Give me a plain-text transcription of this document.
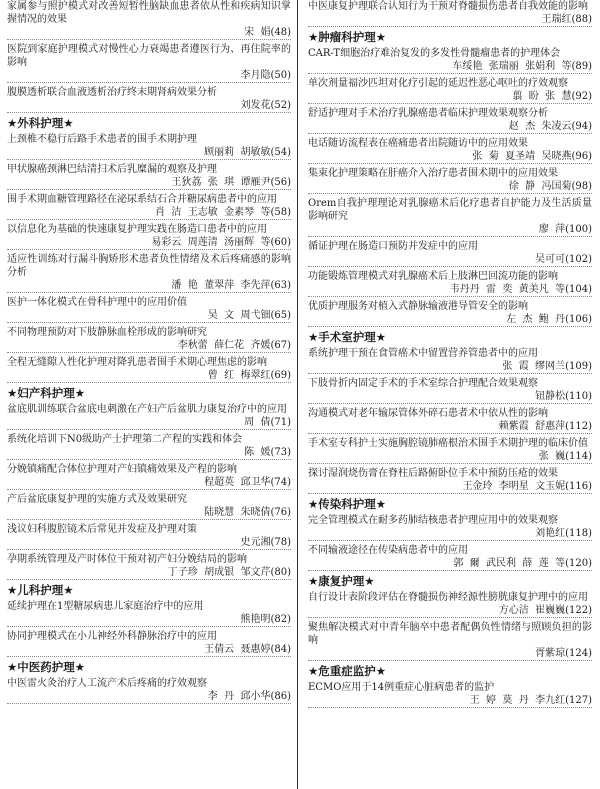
家属参与照护模式对改善短暂性脑缺血患者依从性和疾病知识掌握情况的效果
宋  娟(48)
医院到家庭护理模式对慢性心力衰竭患者遵医行为、再住院率的影响
李月隐(50)
腹膜透析联合血液透析治疗终末期肾病效果分析
刘发花(52)
★外科护理★
上颈椎不稳行后路手术患者的围手术期护理
顾丽莉  胡敏敏(54)
甲状腺癌颈淋巴结清扫术后乳糜漏的观察及护理
王狄荔  张  琪  谭雁尹(56)
围手术期血糖管理路径在泌尿系结石合并糖尿病患者中的应用
肖  洁  王志敏  金素琴  等(58)
以信息化为基础的快速康复护理实践在肠造口患者中的应用
易彩云  周莲清  汤丽辉  等(60)
适应性训练对行漏斗胸矫形术患者负性情绪及术后疼痛感的影响分析
潘  艳  董翠萍  李先萍(63)
医护一体化模式在骨科护理中的应用价值
吴  文  周弋钿(65)
不同物理预防对下肢静脉血栓形成的影响研究
李秋蕾  薛仁花  齐媛(67)
全程无缝隙人性化护理对降乳患者围手术期心理焦虑的影响
曾  红  梅翠红(69)
★妇产科护理★
盆底肌训练联合盆底电刺激在产妇产后盆肌力康复治疗中的应用
周  倩(71)
系统化培训下N0级助产士护理第二产程的实践和体会
陈  媛(73)
分娩镇痛配合体位护理对产妇镇痛效果及产程的影响
程超英  邱卫华(74)
产后盆底康复护理的实施方式及效果研究
陆晓慧  朱晓倩(76)
浅议妇科腹腔镜术后常见并发症及护理对策
史元湘(78)
孕期系统管理及产时体位干预对初产妇分娩结局的影响
丁子珍  胡成银  邹文芹(80)
★儿科护理★
延续护理在1型糖尿病患儿家庭治疗中的应用
熊艳明(82)
协同护理模式在小儿神经外科静脉治疗中的应用
王倩云  聂惠婷(84)
★中医药护理★
中医雷火灸治疗人工流产术后疼痛的疗效观察
李  丹  邱小华(86)
中医康复护理联合认知行为干预对脊髓损伤患者自我效能的影响
王瑞红(88)
★肿瘤科护理★
CAR-T细胞治疗难治复发的多发性骨髓瘤患者的护理体会
车绥艳  张瑞丽  张娟利  等(89)
单次剂量福沙匹坦对化疗引起的延迟性恶心呕吐的疗效观察
翦  盼  张  慧(92)
舒适护理对手术治疗乳腺癌患者临床护理效果观察分析
赵  杰  朱凌云(94)
电话随访流程表在癌痛患者出院随访中的应用效果
张  菊  夏圣靖  吴晓燕(96)
集束化护理策略在肝癌介入治疗患者围术期中的应用效果
徐  静  冯国菊(98)
Orem自我护理理论对乳腺癌术后化疗患者自护能力及生活质量影响研究
廖  萍(100)
循证护理在肠造口预防并发症中的应用
吴可可(102)
功能锻炼管理模式对乳腺癌术后上肢淋巴回流功能的影响
韦丹丹  雷  奕  黄美凡  等(104)
优质护理服务对植入式静脉输液港导管安全的影响
左  杰  鲍  丹(106)
★手术室护理★
系统护理干预在食管癌术中留置营养管患者中的应用
张  霞  缪网兰(109)
下肢骨折内固定手术的手术室综合护理配合效果观察
钮静松(110)
沟通模式对老年输尿管体外碎石患者术中依从性的影响
赖紫霞  舒惠萍(112)
手术室专科护士实施胸腔镜肺癌根治术围手术期护理的临床价值
张  巍(114)
探讨湿润烧伤膏在脊柱后路俯卧位手术中预防压疮的效果
王金玲  李明星  文玉妮(116)
★传染科护理★
完全管理模式在耐多药肺结核患者护理应用中的效果观察
刘艳红(118)
不同输液途径在传染病患者中的应用
郭  爾  武民利  薛  莲  等(120)
★康复护理★
自行设计表阶段评估在脊髓损伤神经源性膀胱康复护理中的应用
方心洁  崔巍巍(122)
聚焦解决模式对中青年脑卒中患者配偶负性情绪与照顾负担的影响
胥紫琼(124)
★危重症监护★
ECMO应用于14例重症心脏病患者的监护
王  婷  莫  丹  李九红(127)
